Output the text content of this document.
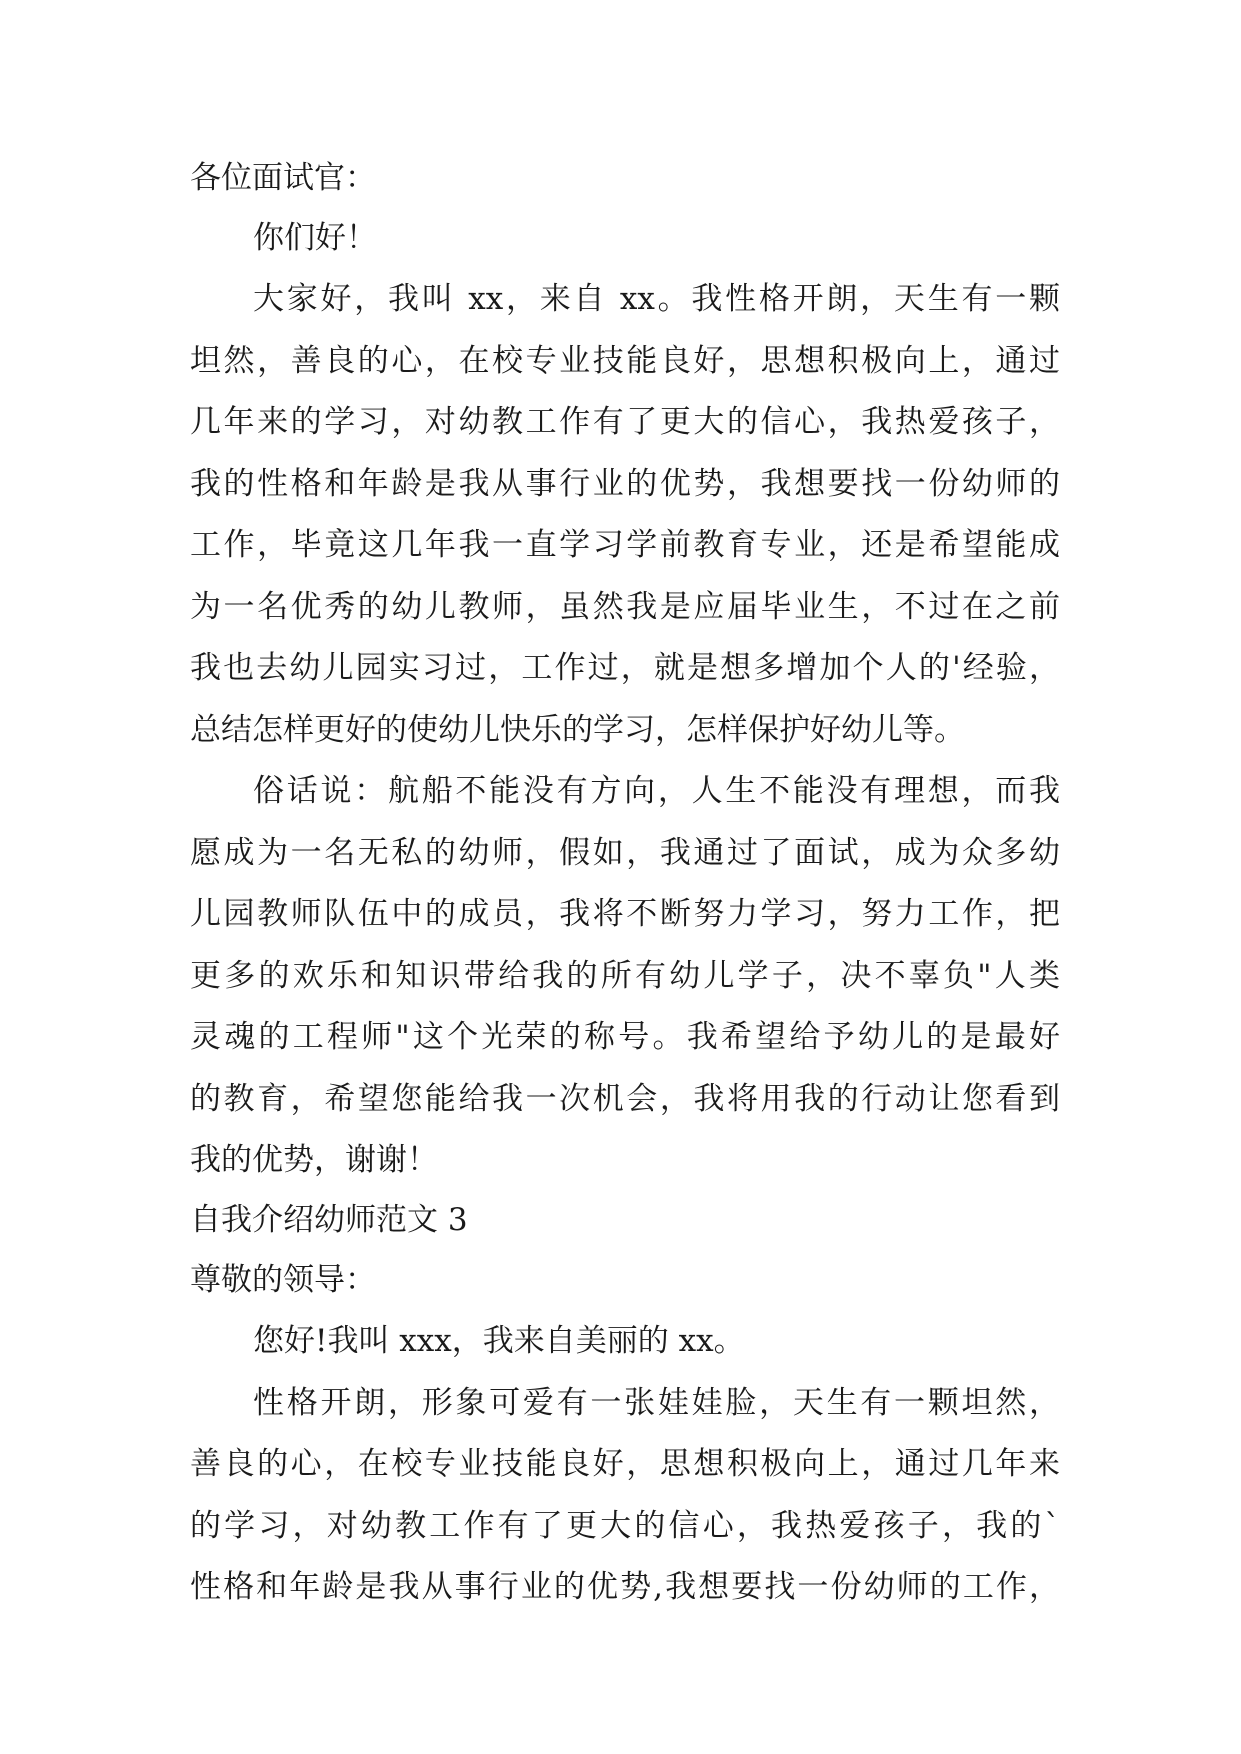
各位面试官：
你们好！
大家好，我叫 xx，来自 xx。我性格开朗，天生有一颗
坦然，善良的心，在校专业技能良好，思想积极向上，通过
几年来的学习，对幼教工作有了更大的信心，我热爱孩子，
我的性格和年龄是我从事行业的优势，我想要找一份幼师的
工作，毕竟这几年我一直学习学前教育专业，还是希望能成
为一名优秀的幼儿教师，虽然我是应届毕业生，不过在之前
我也去幼儿园实习过，工作过，就是想多增加个人的'经验，
总结怎样更好的使幼儿快乐的学习，怎样保护好幼儿等。
俗话说：航船不能没有方向，人生不能没有理想，而我
愿成为一名无私的幼师，假如，我通过了面试，成为众多幼
儿园教师队伍中的成员，我将不断努力学习，努力工作，把
更多的欢乐和知识带给我的所有幼儿学子，决不辜负"人类
灵魂的工程师"这个光荣的称号。我希望给予幼儿的是最好
的教育，希望您能给我一次机会，我将用我的行动让您看到
我的优势，谢谢！
自我介绍幼师范文 3
尊敬的领导：
您好!我叫 xxx，我来自美丽的 xx。
性格开朗，形象可爱有一张娃娃脸，天生有一颗坦然，
善良的心，在校专业技能良好，思想积极向上，通过几年来
的学习，对幼教工作有了更大的信心，我热爱孩子，我的`
性格和年龄是我从事行业的优势,我想要找一份幼师的工作，
